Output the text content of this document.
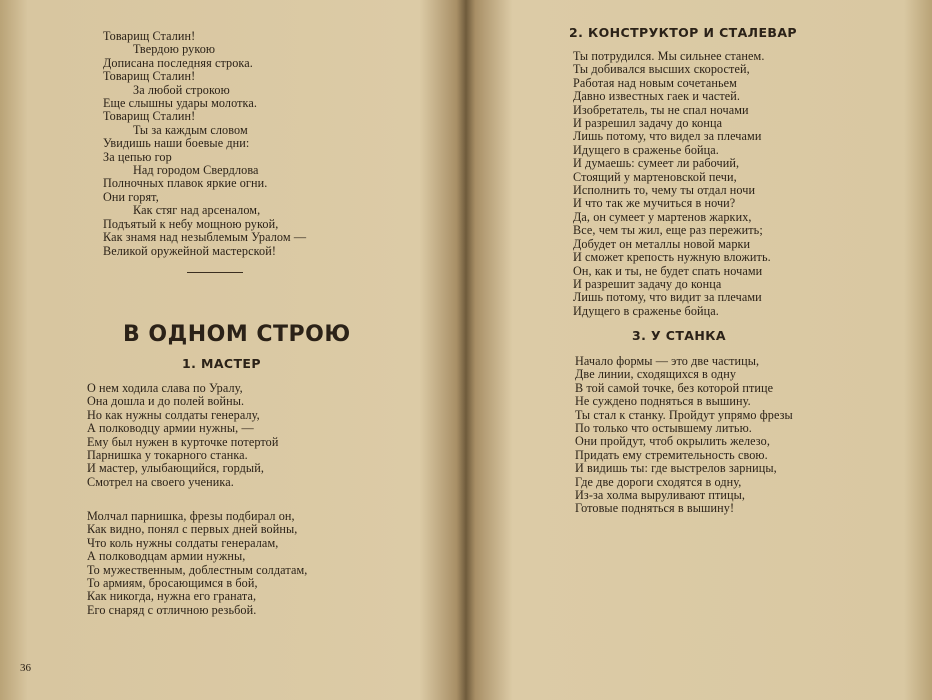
Товарищ Сталин!
Твердою рукою
Дописана последняя строка.
Товарищ Сталин!
За любой строкою
Еще слышны удары молотка.
Товарищ Сталин!
Ты за каждым словом
Увидишь наши боевые дни:
За цепью гор
Над городом Свердлова
Полночных плавок яркие огни.
Они горят,
Как стяг над арсеналом,
Подъятый к небу мощною рукой,
Как знамя над незыблемым Уралом —
Великой оружейной мастерской!
В ОДНОМ СТРОЮ
1. МАСТЕР
О нем ходила слава по Уралу,
Она дошла и до полей войны.
Но как нужны солдаты генералу,
А полководцу армии нужны, —
Ему был нужен в курточке потертой
Парнишка у токарного станка.
И мастер, улыбающийся, гордый,
Смотрел на своего ученика.
Молчал парнишка, фрезы подбирал он,
Как видно, понял с первых дней войны,
Что коль нужны солдаты генералам,
А полководцам армии нужны,
То мужественным, доблестным солдатам,
То армиям, бросающимся в бой,
Как никогда, нужна его граната,
Его снаряд с отличною резьбой.
36
2. КОНСТРУКТОР И СТАЛЕВАР
Ты потрудился. Мы сильнее станем.
Ты добивался высших скоростей,
Работая над новым сочетаньем
Давно известных гаек и частей.
Изобретатель, ты не спал ночами
И разрешил задачу до конца
Лишь потому, что видел за плечами
Идущего в сраженье бойца.
И думаешь: сумеет ли рабочий,
Стоящий у мартеновской печи,
Исполнить то, чему ты отдал ночи
И что так же мучиться в ночи?
Да, он сумеет у мартенов жарких,
Все, чем ты жил, еще раз пережить;
Добудет он металлы новой марки
И сможет крепость нужную вложить.
Он, как и ты, не будет спать ночами
И разрешит задачу до конца
Лишь потому, что видит за плечами
Идущего в сраженье бойца.
3. У СТАНКА
Начало формы — это две частицы,
Две линии, сходящихся в одну
В той самой точке, без которой птице
Не суждено подняться в вышину.
Ты стал к станку. Пройдут упрямо фрезы
По только что остывшему литью.
Они пройдут, чтоб окрылить железо,
Придать ему стремительность свою.
И видишь ты: где выстрелов зарницы,
Где две дороги сходятся в одну,
Из-за холма выруливают птицы,
Готовые подняться в вышину!
